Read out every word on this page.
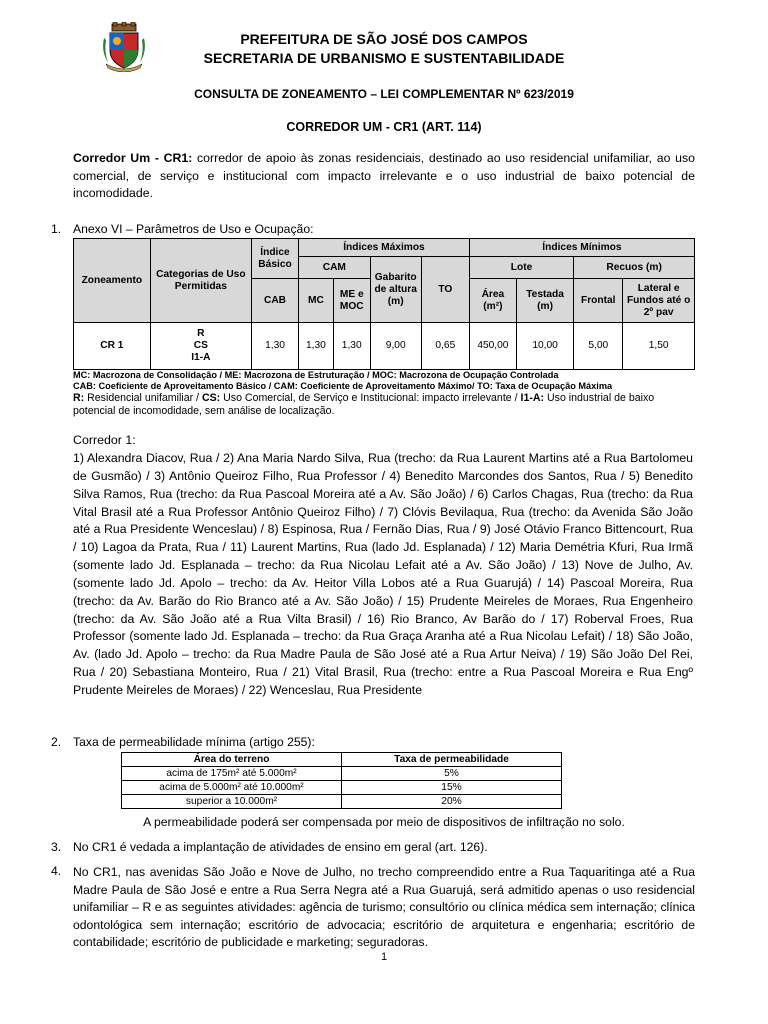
PREFEITURA DE SÃO JOSÉ DOS CAMPOS
SECRETARIA DE URBANISMO E SUSTENTABILIDADE
CONSULTA DE ZONEAMENTO – LEI COMPLEMENTAR Nº 623/2019
CORREDOR UM - CR1 (ART. 114)
Corredor Um - CR1: corredor de apoio às zonas residenciais, destinado ao uso residencial unifamiliar, ao uso comercial, de serviço e institucional com impacto irrelevante e o uso industrial de baixo potencial de incomodidade.
1. Anexo VI – Parâmetros de Uso e Ocupação:
Zoneamento	Categorias de Uso Permitidas	Índice Básico	Índices Máximos				Índices Mínimos			
			CAM		Gabarito de altura (m)	TO	Lote		Recuos (m)	
		CAB	MC	ME e MOC			Área (m²)	Testada (m)	Frontal	Lateral e Fundos até o 2º pav
CR 1	R
CS
I1-A	1,30	1,30	1,30	9,00	0,65	450,00	10,00	5,00	1,50
MC: Macrozona de Consolidação / ME: Macrozona de Estruturação / MOC: Macrozona de Ocupação Controlada
CAB: Coeficiente de Aproveitamento Básico / CAM: Coeficiente de Aproveitamento Máximo/ TO: Taxa de Ocupação Máxima
R: Residencial unifamiliar / CS: Uso Comercial, de Serviço e Institucional: impacto irrelevante / I1-A: Uso industrial de baixo potencial de incomodidade, sem análise de localização.
Corredor 1:
1) Alexandra Diacov, Rua / 2) Ana Maria Nardo Silva, Rua (trecho: da Rua Laurent Martins até a Rua Bartolomeu de Gusmão) / 3) Antônio Queiroz Filho, Rua Professor / 4) Benedito Marcondes dos Santos, Rua / 5) Benedito Silva Ramos, Rua (trecho: da Rua Pascoal Moreira até a Av. São João) / 6) Carlos Chagas, Rua (trecho: da Rua Vital Brasil até a Rua Professor Antônio Queiroz Filho) / 7) Clóvis Bevilaqua, Rua (trecho: da Avenida São João até a Rua Presidente Wenceslau) / 8) Espinosa, Rua / Fernão Dias, Rua / 9) José Otávio Franco Bittencourt, Rua / 10) Lagoa da Prata, Rua / 11) Laurent Martins, Rua (lado Jd. Esplanada) / 12) Maria Demétria Kfuri, Rua Irmã (somente lado Jd. Esplanada – trecho: da Rua Nicolau Lefait até a Av. São João) / 13) Nove de Julho, Av. (somente lado Jd. Apolo – trecho: da Av. Heitor Villa Lobos até a Rua Guarujá) / 14) Pascoal Moreira, Rua (trecho: da Av. Barão do Rio Branco até a Av. São João) / 15) Prudente Meireles de Moraes, Rua Engenheiro (trecho: da Av. São João até a Rua Vilta Brasil) / 16) Rio Branco, Av Barão do / 17) Roberval Froes, Rua Professor (somente lado Jd. Esplanada – trecho: da Rua Graça Aranha até a Rua Nicolau Lefait) / 18) São João, Av. (lado Jd. Apolo – trecho: da Rua Madre Paula de São José até a Rua Artur Neiva) / 19) São João Del Rei, Rua / 20) Sebastiana Monteiro, Rua / 21) Vital Brasil, Rua (trecho: entre a Rua Pascoal Moreira e Rua Engº Prudente Meireles de Moraes) / 22) Wenceslau, Rua Presidente
2. Taxa de permeabilidade mínima (artigo 255):
Área do terreno	Taxa de permeabilidade
acima de 175m² até 5.000m²	5%
acima de 5.000m² até 10.000m²	15%
superior a 10.000m²	20%
A permeabilidade poderá ser compensada por meio de dispositivos de infiltração no solo.
3. No CR1 é vedada a implantação de atividades de ensino em geral (art. 126).
4. No CR1, nas avenidas São João e Nove de Julho, no trecho compreendido entre a Rua Taquaritinga até a Rua Madre Paula de São José e entre a Rua Serra Negra até a Rua Guarujá, será admitido apenas o uso residencial unifamiliar – R e as seguintes atividades: agência de turismo; consultório ou clínica médica sem internação; clínica odontológica sem internação; escritório de advocacia; escritório de arquitetura e engenharia; escritório de contabilidade; escritório de publicidade e marketing; seguradoras.
1
